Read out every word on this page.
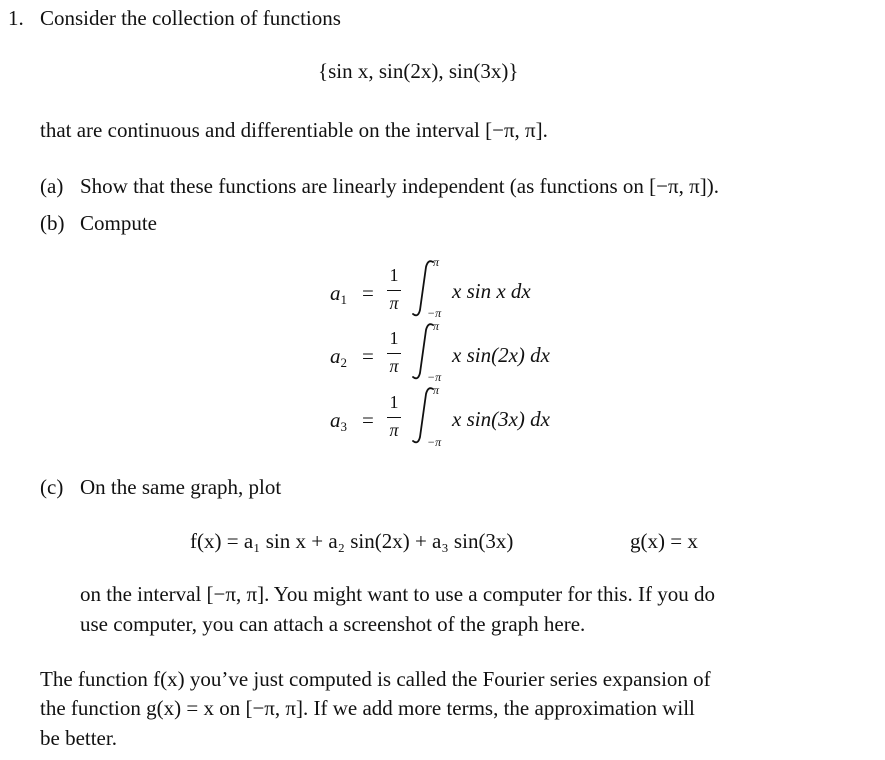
1. Consider the collection of functions
{sin x, sin(2x), sin(3x)}
that are continuous and differentiable on the interval [−π, π].
(a) Show that these functions are linearly independent (as functions on [−π, π]).
(b) Compute
$a_1$ =
1
π
π
−π
x sin x dx
$a_2$ =
1
π
π
−π
x sin(2x) dx
$a_3$ =
1
π
π
−π
x sin(3x) dx
(c) On the same graph, plot
f(x) = a₁ sin x + a₂ sin(2x) + a₃ sin(3x)	g(x) = x
on the interval [−π, π]. You might want to use a computer for this. If you do
use computer, you can attach a screenshot of the graph here.
The function f(x) you’ve just computed is called the Fourier series expansion of
the function g(x) = x on [−π, π]. If we add more terms, the approximation will
be better.
